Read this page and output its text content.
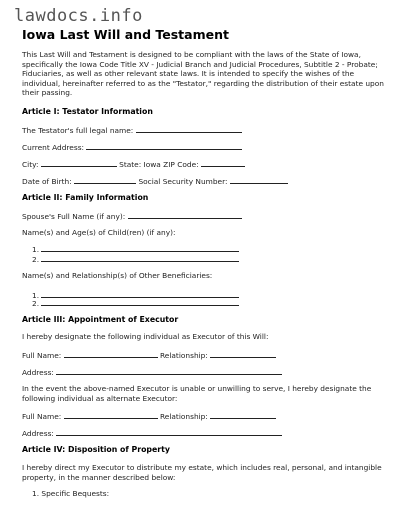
lawdocs.info
Iowa Last Will and Testament
This Last Will and Testament is designed to be compliant with the laws of the State of Iowa, specifically the Iowa Code Title XV - Judicial Branch and Judicial Procedures, Subtitle 2 - Probate; Fiduciaries, as well as other relevant state laws. It is intended to specify the wishes of the individual, hereinafter referred to as the "Testator," regarding the distribution of their estate upon their passing.
Article I: Testator Information
The Testator's full legal name:
Current Address:
City:	State: Iowa ZIP Code:
Date of Birth:	Social Security Number:
Article II: Family Information
Spouse's Full Name (if any):
Name(s) and Age(s) of Child(ren) (if any):
1.
2.
Name(s) and Relationship(s) of Other Beneficiaries:
1.
2.
Article III: Appointment of Executor
I hereby designate the following individual as Executor of this Will:
Full Name:	Relationship:
Address:
In the event the above-named Executor is unable or unwilling to serve, I hereby designate the following individual as alternate Executor:
Full Name:	Relationship:
Address:
Article IV: Disposition of Property
I hereby direct my Executor to distribute my estate, which includes real, personal, and intangible property, in the manner described below:
1. Specific Bequests:
